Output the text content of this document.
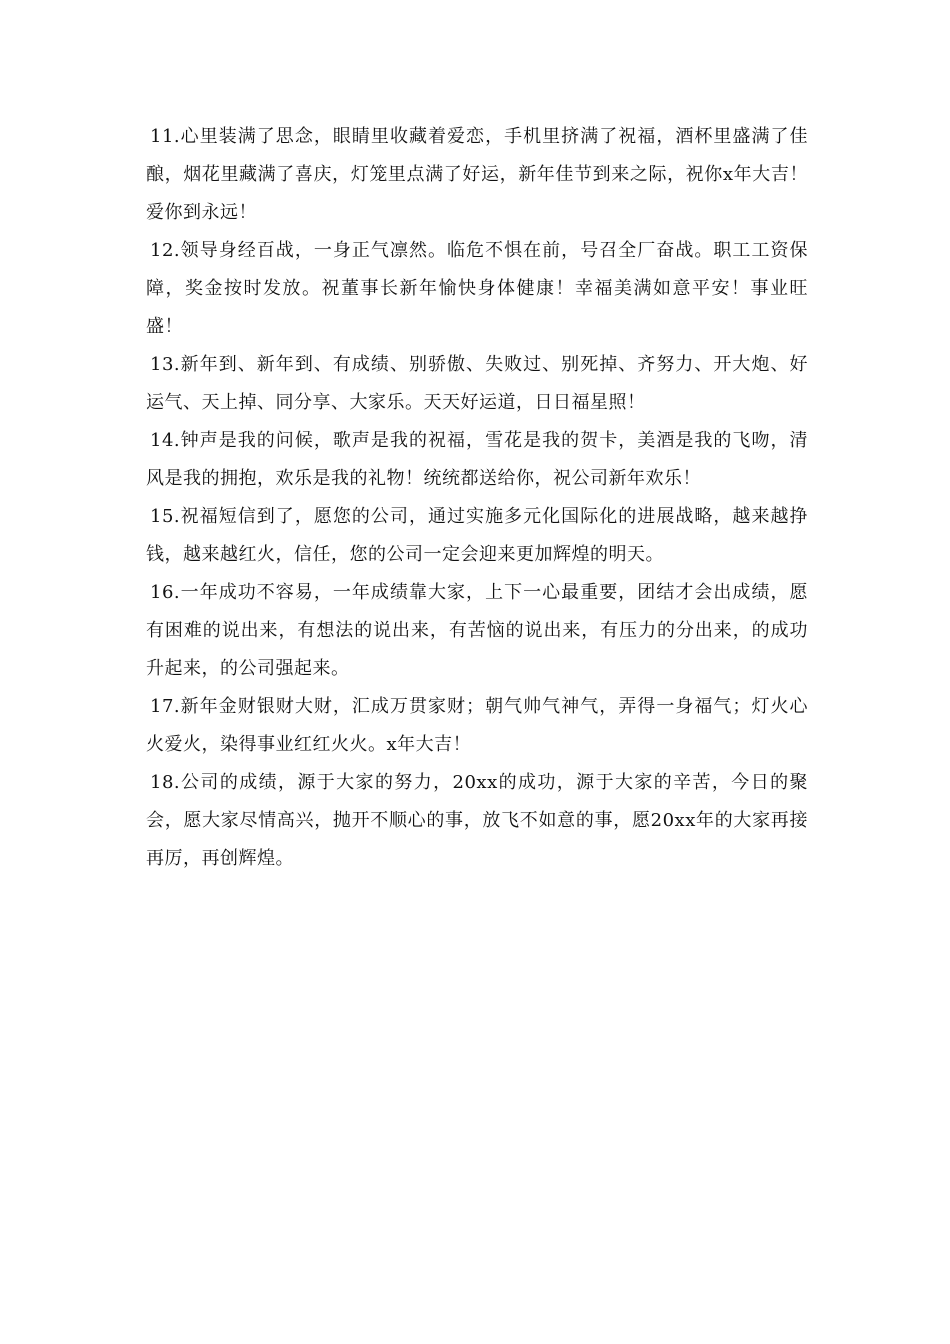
11.心里装满了思念，眼睛里收藏着爱恋，手机里挤满了祝福，酒杯里盛满了佳酿，烟花里藏满了喜庆，灯笼里点满了好运，新年佳节到来之际，祝你x年大吉！爱你到永远！

12.领导身经百战，一身正气凛然。临危不惧在前，号召全厂奋战。职工工资保障，奖金按时发放。祝董事长新年愉快身体健康！幸福美满如意平安！事业旺盛！

13.新年到、新年到、有成绩、别骄傲、失败过、别死掉、齐努力、开大炮、好运气、天上掉、同分享、大家乐。天天好运道，日日福星照！

14.钟声是我的问候，歌声是我的祝福，雪花是我的贺卡，美酒是我的飞吻，清风是我的拥抱，欢乐是我的礼物！统统都送给你，祝公司新年欢乐！

15.祝福短信到了，愿您的公司，通过实施多元化国际化的进展战略，越来越挣钱，越来越红火，信任，您的公司一定会迎来更加辉煌的明天。

16.一年成功不容易，一年成绩靠大家，上下一心最重要，团结才会出成绩，愿有困难的说出来，有想法的说出来，有苦恼的说出来，有压力的分出来，的成功升起来，的公司强起来。

17.新年金财银财大财，汇成万贯家财；朝气帅气神气，弄得一身福气；灯火心火爱火，染得事业红红火火。x年大吉！

18.公司的成绩，源于大家的努力，20xx的成功，源于大家的辛苦，今日的聚会，愿大家尽情高兴，抛开不顺心的事，放飞不如意的事，愿20xx年的大家再接再厉，再创辉煌。
